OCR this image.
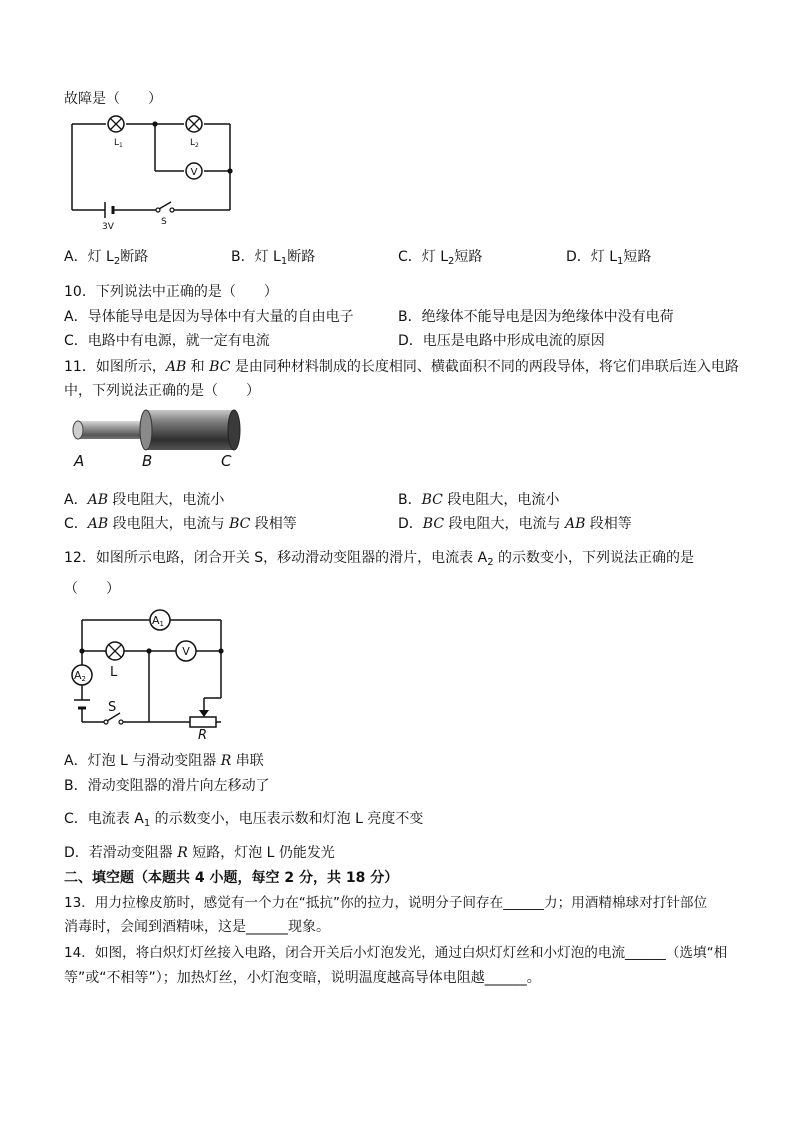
故障是（　　）
V
$L_1$	$L_2$
3V	S
A．灯 $L_2$断路	B．灯 $L_1$断路	C．灯 $L_2$短路	D．灯 $L_1$短路
10．下列说法中正确的是（　　）
A．导体能导电是因为导体中有大量的自由电子	B．绝缘体不能导电是因为绝缘体中没有电荷
C．电路中有电源，就一定有电流	D．电压是电路中形成电流的原因
11．如图所示，AB 和 BC 是由同种材料制成的长度相同、横截面积不同的两段导体，将它们串联后连入电路
中，下列说法正确的是（　　）
A	B	C
A．AB 段电阻大，电流小	B．BC 段电阻大，电流小
C．AB 段电阻大，电流与 BC 段相等	D．BC 段电阻大，电流与 AB 段相等
12．如图所示电路，闭合开关 S，移动滑动变阻器的滑片，电流表 $A_2$ 的示数变小，下列说法正确的是
（　　）
A1
A2
V
L
S
R
A．灯泡 L 与滑动变阻器 R 串联
B．滑动变阻器的滑片向左移动了
C．电流表 $A_1$ 的示数变小，电压表示数和灯泡 L 亮度不变
D．若滑动变阻器 R 短路，灯泡 L 仍能发光
二、填空题（本题共 4 小题，每空 2 分，共 18 分）
13．用力拉橡皮筋时，感觉有一个力在“抵抗”你的拉力，说明分子间存在______力；用酒精棉球对打针部位
消毒时，会闻到酒精味，这是______现象。
14．如图，将白炽灯灯丝接入电路，闭合开关后小灯泡发光，通过白炽灯灯丝和小灯泡的电流______（选填“相
等”或“不相等”）；加热灯丝，小灯泡变暗，说明温度越高导体电阻越______。
